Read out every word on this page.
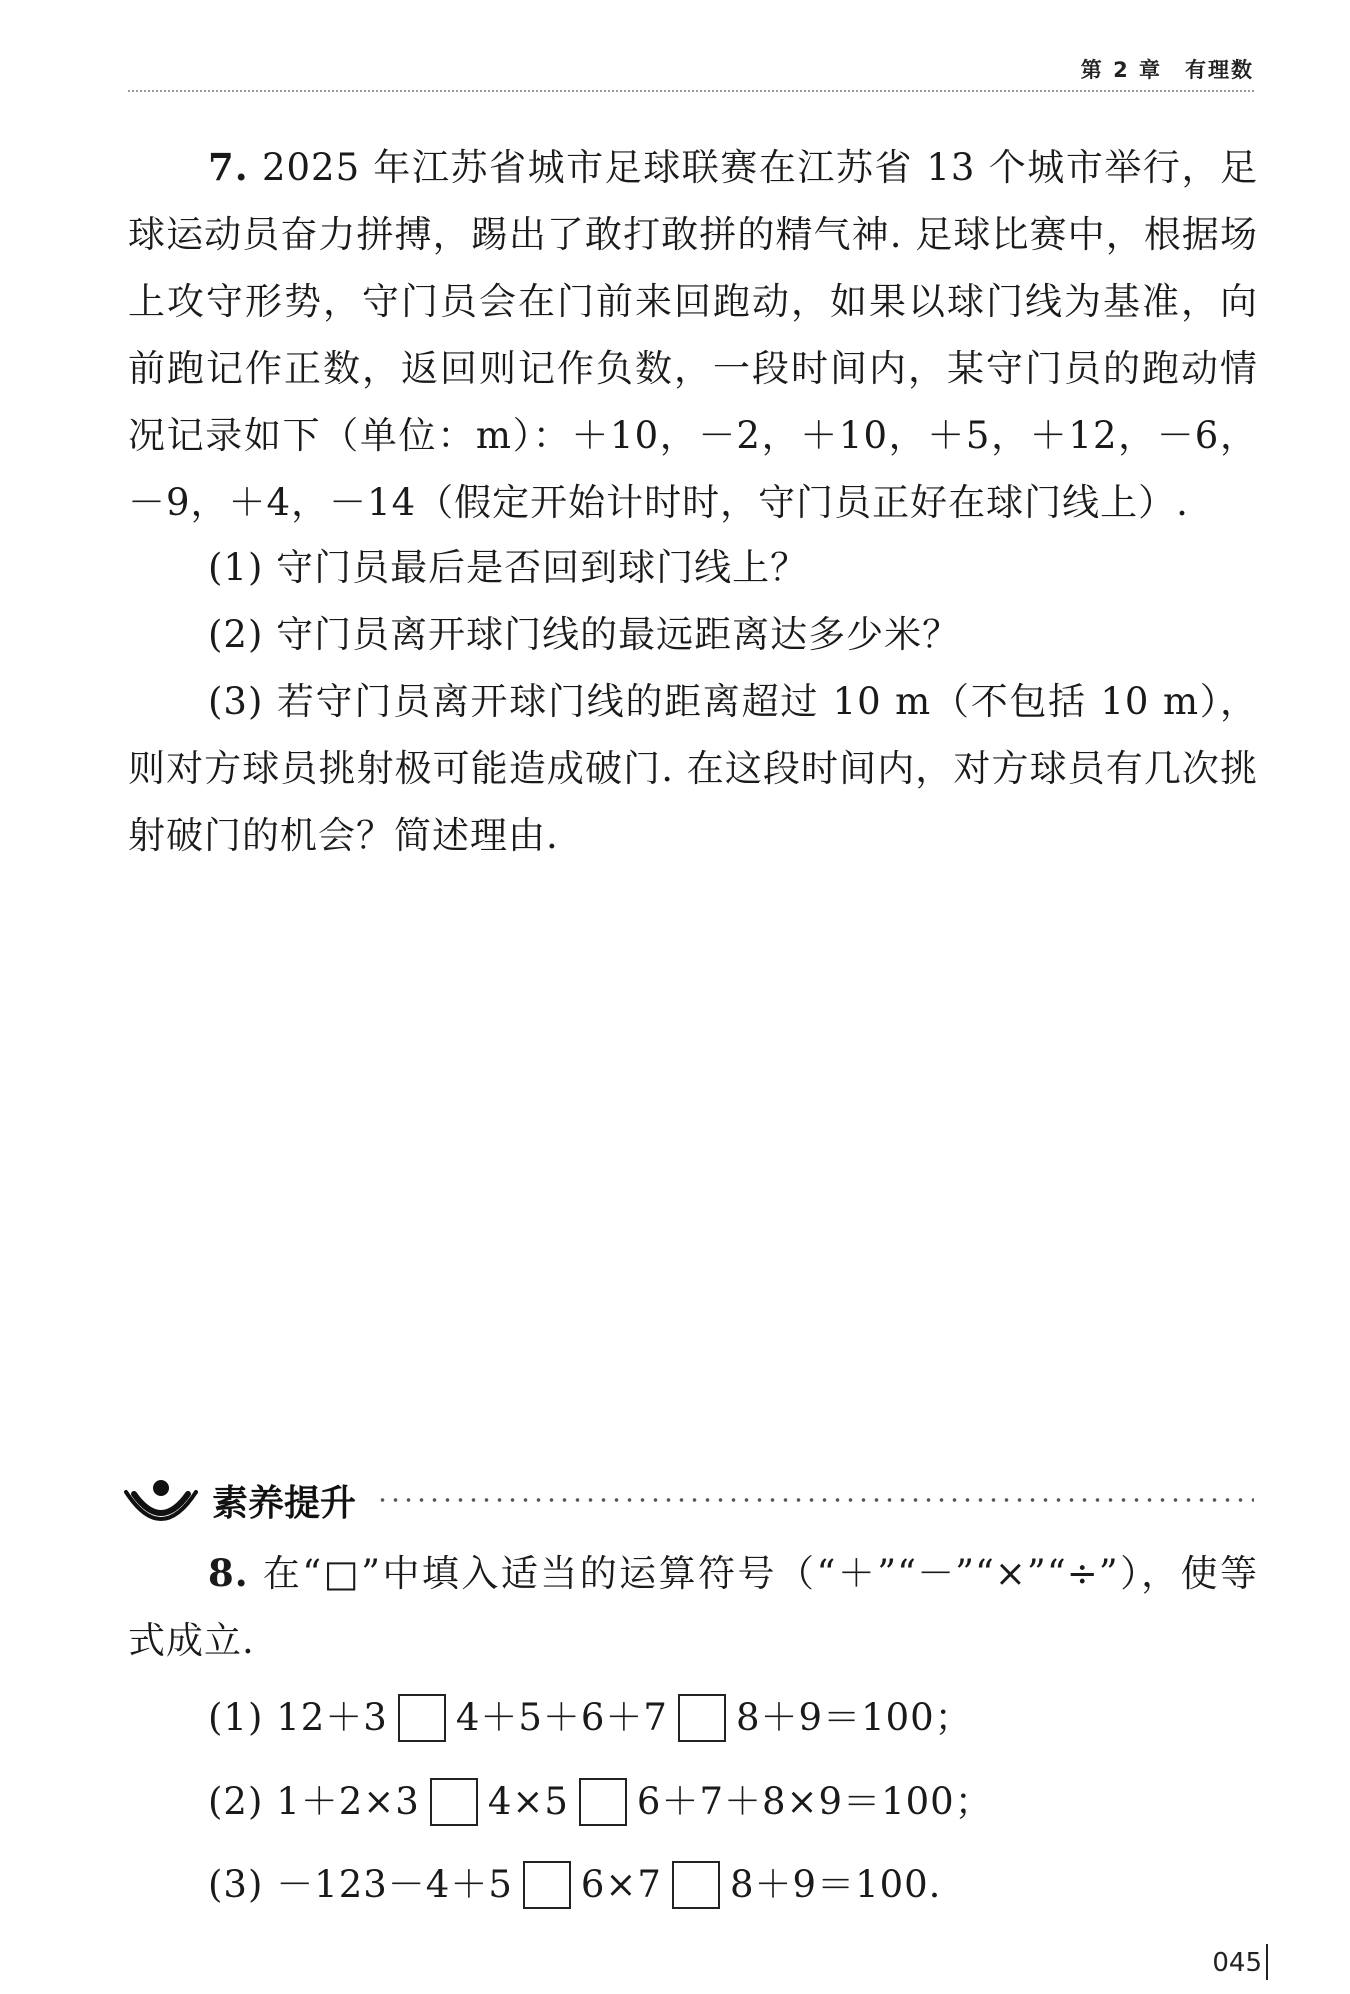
第 2 章　有理数

7. 2025 年江苏省城市足球联赛在江苏省 13 个城市举行，足球运动员奋力拼搏，踢出了敢打敢拼的精气神. 足球比赛中，根据场上攻守形势，守门员会在门前来回跑动，如果以球门线为基准，向前跑记作正数，返回则记作负数，一段时间内，某守门员的跑动情况记录如下（单位：m）：＋10，－2，＋10，＋5，＋12，－6，－9，＋4，－14（假定开始计时时，守门员正好在球门线上）.

(1) 守门员最后是否回到球门线上？

(2) 守门员离开球门线的最远距离达多少米？

(3) 若守门员离开球门线的距离超过 10 m（不包括 10 m），则对方球员挑射极可能造成破门. 在这段时间内，对方球员有几次挑射破门的机会？简述理由.

素养提升

8. 在“□”中填入适当的运算符号（“＋”“－”“×”“÷”），使等式成立.

(1)
12＋3 4＋5＋6＋7 8＋9＝100；
(2)
1＋2×3 4×5 6＋7＋8×9＝100；
(3)
－123－4＋5 6×7 8＋9＝100.
045
